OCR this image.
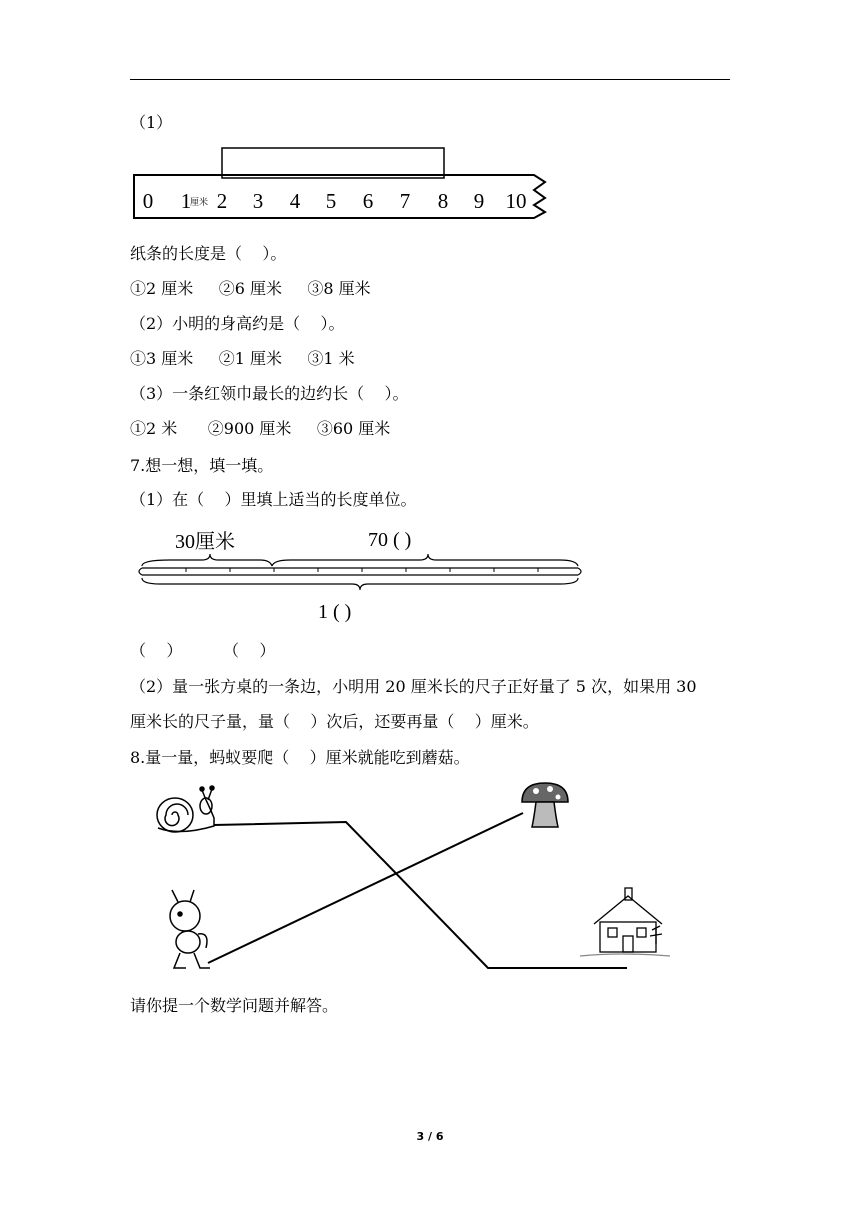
（1）
0 1 2 3 4 5 6 7 8 9 10
厘米
纸条的长度是（    ）。
①2 厘米     ②6 厘米     ③8 厘米
（2）小明的身高约是（    ）。
①3 厘米     ②1 厘米     ③1 米
（3）一条红领巾最长的边约长（    ）。
①2 米      ②900 厘米     ③60 厘米
7.想一想，填一填。
（1）在（    ）里填上适当的长度单位。
30厘米	70 ( )
1 ( )
（    ）        （    ）
（2）量一张方桌的一条边，小明用 20 厘米长的尺子正好量了 5 次，如果用 30
厘米长的尺子量，量（    ）次后，还要再量（    ）厘米。
8.量一量，蚂蚁要爬（    ）厘米就能吃到蘑菇。
请你提一个数学问题并解答。
3 / 6
